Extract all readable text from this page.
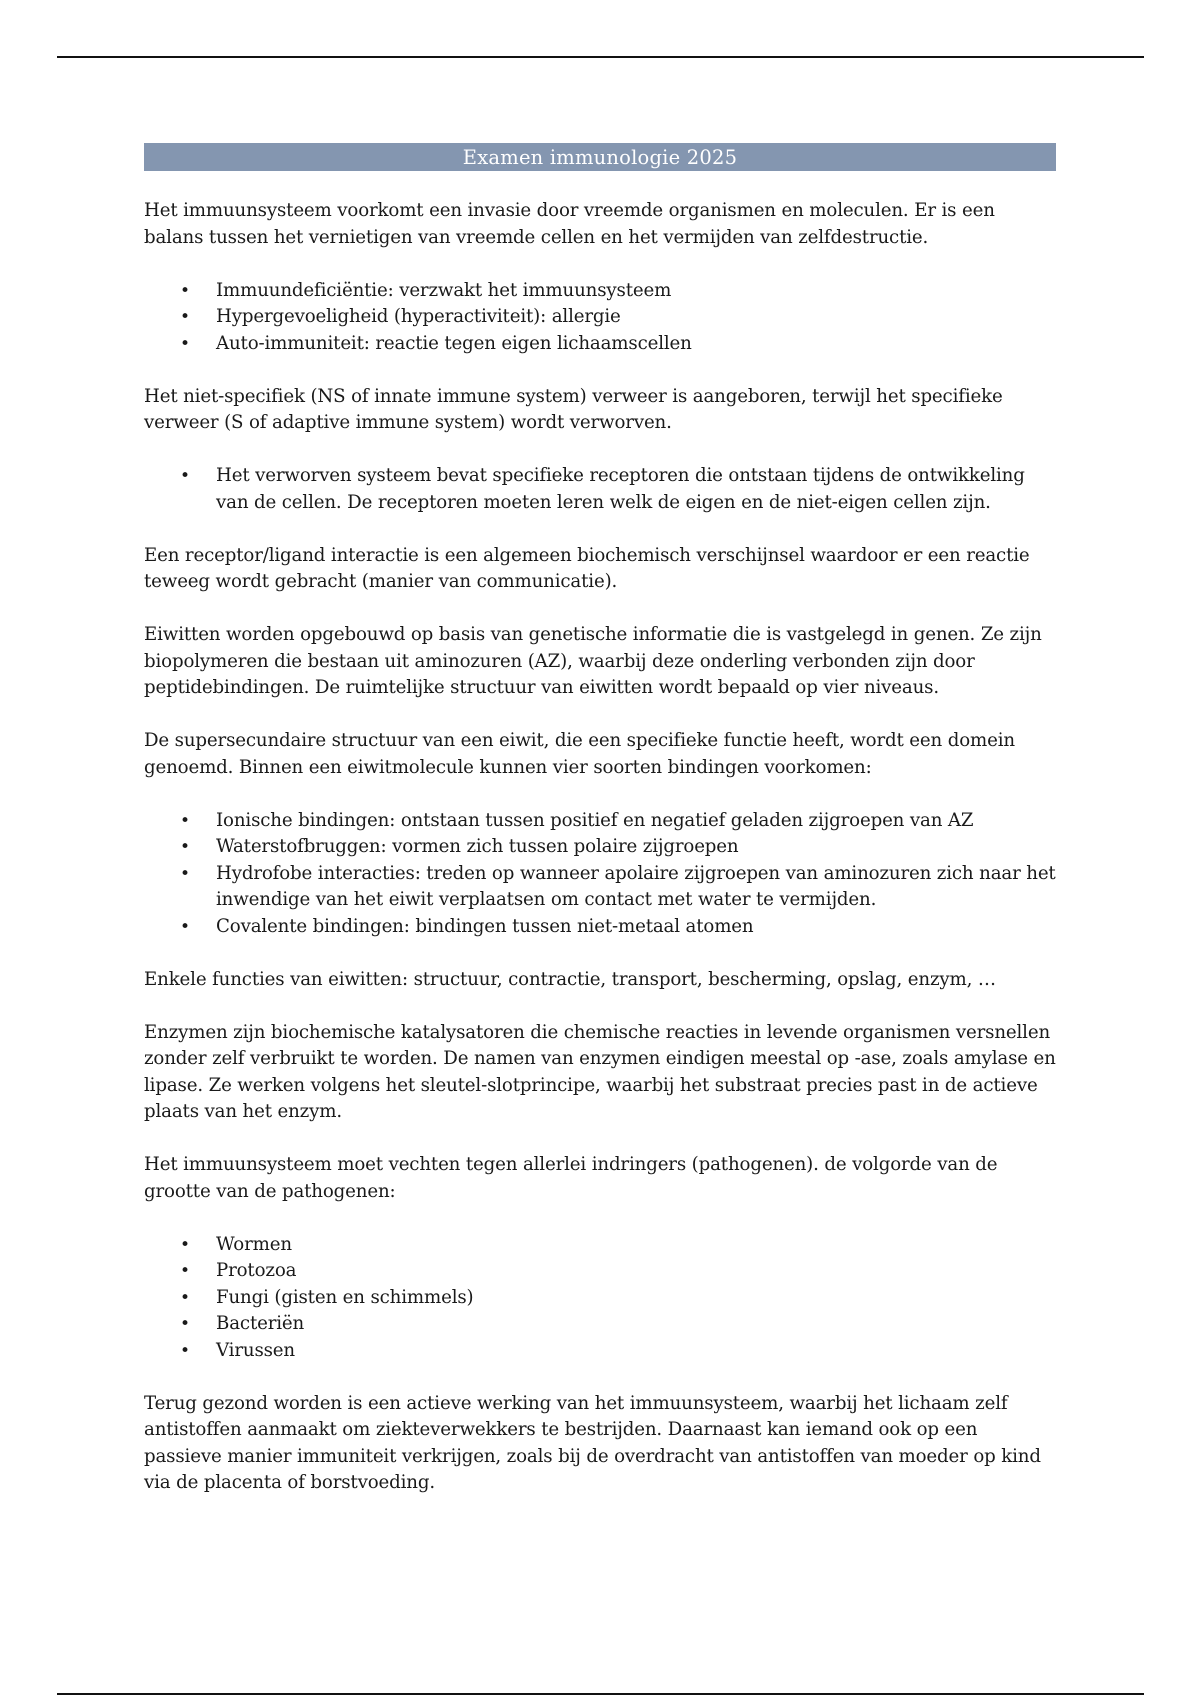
Examen immunologie 2025

Het immuunsysteem voorkomt een invasie door vreemde organismen en moleculen. Er is een balans tussen het vernietigen van vreemde cellen en het vermijden van zelfdestructie.

• Immuundeficiëntie: verzwakt het immuunsysteem
• Hypergevoeligheid (hyperactiviteit): allergie
• Auto-immuniteit: reactie tegen eigen lichaamscellen

Het niet-specifiek (NS of innate immune system) verweer is aangeboren, terwijl het specifieke verweer (S of adaptive immune system) wordt verworven.

• Het verworven systeem bevat specifieke receptoren die ontstaan tijdens de ontwikkeling van de cellen. De receptoren moeten leren welk de eigen en de niet-eigen cellen zijn.

Een receptor/ligand interactie is een algemeen biochemisch verschijnsel waardoor er een reactie teweeg wordt gebracht (manier van communicatie).

Eiwitten worden opgebouwd op basis van genetische informatie die is vastgelegd in genen. Ze zijn biopolymeren die bestaan uit aminozuren (AZ), waarbij deze onderling verbonden zijn door peptidebindingen. De ruimtelijke structuur van eiwitten wordt bepaald op vier niveaus.

De supersecundaire structuur van een eiwit, die een specifieke functie heeft, wordt een domein genoemd. Binnen een eiwitmolecule kunnen vier soorten bindingen voorkomen:

• Ionische bindingen: ontstaan tussen positief en negatief geladen zijgroepen van AZ
• Waterstofbruggen: vormen zich tussen polaire zijgroepen
• Hydrofobe interacties: treden op wanneer apolaire zijgroepen van aminozuren zich naar het inwendige van het eiwit verplaatsen om contact met water te vermijden.
• Covalente bindingen: bindingen tussen niet-metaal atomen

Enkele functies van eiwitten: structuur, contractie, transport, bescherming, opslag, enzym, …

Enzymen zijn biochemische katalysatoren die chemische reacties in levende organismen versnellen zonder zelf verbruikt te worden. De namen van enzymen eindigen meestal op -ase, zoals amylase en lipase. Ze werken volgens het sleutel-slotprincipe, waarbij het substraat precies past in de actieve plaats van het enzym.

Het immuunsysteem moet vechten tegen allerlei indringers (pathogenen). de volgorde van de grootte van de pathogenen:

• Wormen
• Protozoa
• Fungi (gisten en schimmels)
• Bacteriën
• Virussen

Terug gezond worden is een actieve werking van het immuunsysteem, waarbij het lichaam zelf antistoffen aanmaakt om ziekteverwekkers te bestrijden. Daarnaast kan iemand ook op een passieve manier immuniteit verkrijgen, zoals bij de overdracht van antistoffen van moeder op kind via de placenta of borstvoeding.
